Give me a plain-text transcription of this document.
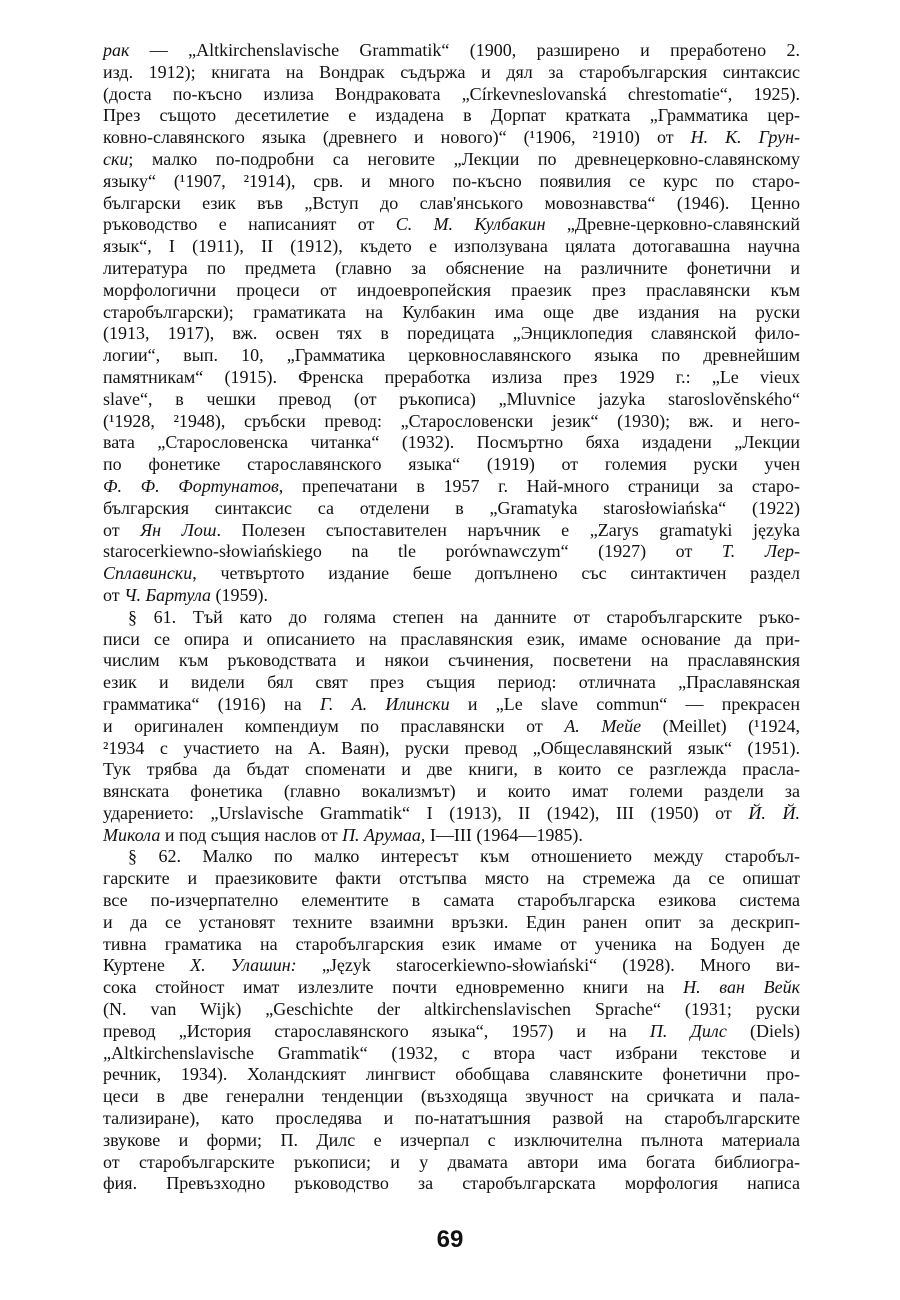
рак — „Altkirchenslavische Grammatik“ (1900, разширено и преработено 2.
изд. 1912); книгата на Вондрак съдържа и дял за старобългарския синтаксис
(доста по-късно излиза Вондраковата „Církevneslovanská chrestomatie“, 1925).
През същото десетилетие е издадена в Дорпат кратката „Грамматика цер-
ковно-славянского языка (древнего и нового)“ (¹1906, ²1910) от Н. К. Грун-
ски; малко по-подробни са неговите „Лекции по древнецерковно-славянскому
языку“ (¹1907, ²1914), срв. и много по-късно появилия се курс по старо-
български език във „Вступ до слав'янського мовознавства“ (1946). Ценно
ръководство е написаният от С. М. Кулбакин „Древне-церковно-славянский
язык“, I (1911), II (1912), където е използувана цялата дотогавашна научна
литература по предмета (главно за обяснение на различните фонетични и
морфологични процеси от индоевропейския праезик през праславянски към
старобългарски); граматиката на Кулбакин има още две издания на руски
(1913, 1917), вж. освен тях в поредицата „Энциклопедия славянской фило-
логии“, вып. 10, „Грамматика церковнославянского языка по древнейшим
памятникам“ (1915). Френска преработка излиза през 1929 г.: „Le vieux
slave“, в чешки превод (от ръкописа) „Mluvnice jazyka staroslověnského“
(¹1928, ²1948), сръбски превод: „Старословенски језик“ (1930); вж. и него-
вата „Старословенска читанка“ (1932). Посмъртно бяха издадени „Лекции
по фонетике старославянского языка“ (1919) от големия руски учен
Ф. Ф. Фортунатов, препечатани в 1957 г. Най-много страници за старо-
българския синтаксис са отделени в „Gramatyka starosłowiańska“ (1922)
от Ян Лош. Полезен съпоставителен наръчник е „Zarys gramatyki języka
starocerkiewno-słowiańskiego na tle porównawczym“ (1927) от Т. Лер-
Сплавински, четвъртото издание беше допълнено със синтактичен раздел
от Ч. Бартула (1959).
§ 61. Тъй като до голяма степен на данните от старобългарските ръко-
писи се опира и описанието на праславянския език, имаме основание да при-
числим към ръководствата и някои съчинения, посветени на праславянския
език и видели бял свят през същия период: отличната „Праславянская
грамматика“ (1916) на Г. А. Илински и „Le slave commun“ — прекрасен
и оригинален компендиум по праславянски от А. Мейе (Meillet) (¹1924,
²1934 с участието на А. Ваян), руски превод „Общеславянский язык“ (1951).
Тук трябва да бъдат споменати и две книги, в които се разглежда прасла-
вянската фонетика (главно вокализмът) и които имат големи раздели за
ударението: „Urslavische Grammatik“ I (1913), II (1942), III (1950) от Й. Й.
Микола и под същия наслов от П. Арумаа, I—III (1964—1985).
§ 62. Малко по малко интересът към отношението между старобъл-
гарските и праезиковите факти отстъпва място на стремежа да се опишат
все по-изчерпателно елементите в самата старобългарска езикова система
и да се установят техните взаимни връзки. Един ранен опит за дескрип-
тивна граматика на старобългарския език имаме от ученика на Бодуен де
Куртене Х. Улашин: „Język starocerkiewno-słowiański“ (1928). Много ви-
сока стойност имат излезлите почти едновременно книги на Н. ван Вейк
(N. van Wijk) „Geschichte der altkirchenslavischen Sprache“ (1931; руски
превод „История старославянского языка“, 1957) и на П. Дилс (Diels)
„Altkirchenslavische Grammatik“ (1932, с втора част избрани текстове и
речник, 1934). Холандският лингвист обобщава славянските фонетични про-
цеси в две генерални тенденции (възходяща звучност на сричката и пала-
тализиране), като проследява и по-нататъшния развой на старобългарските
звукове и форми; П. Дилс е изчерпал с изключителна пълнота материала
от старобългарските ръкописи; и у двамата автори има богата библиогра-
фия. Превъзходно ръководство за старобългарската морфология написа
69
